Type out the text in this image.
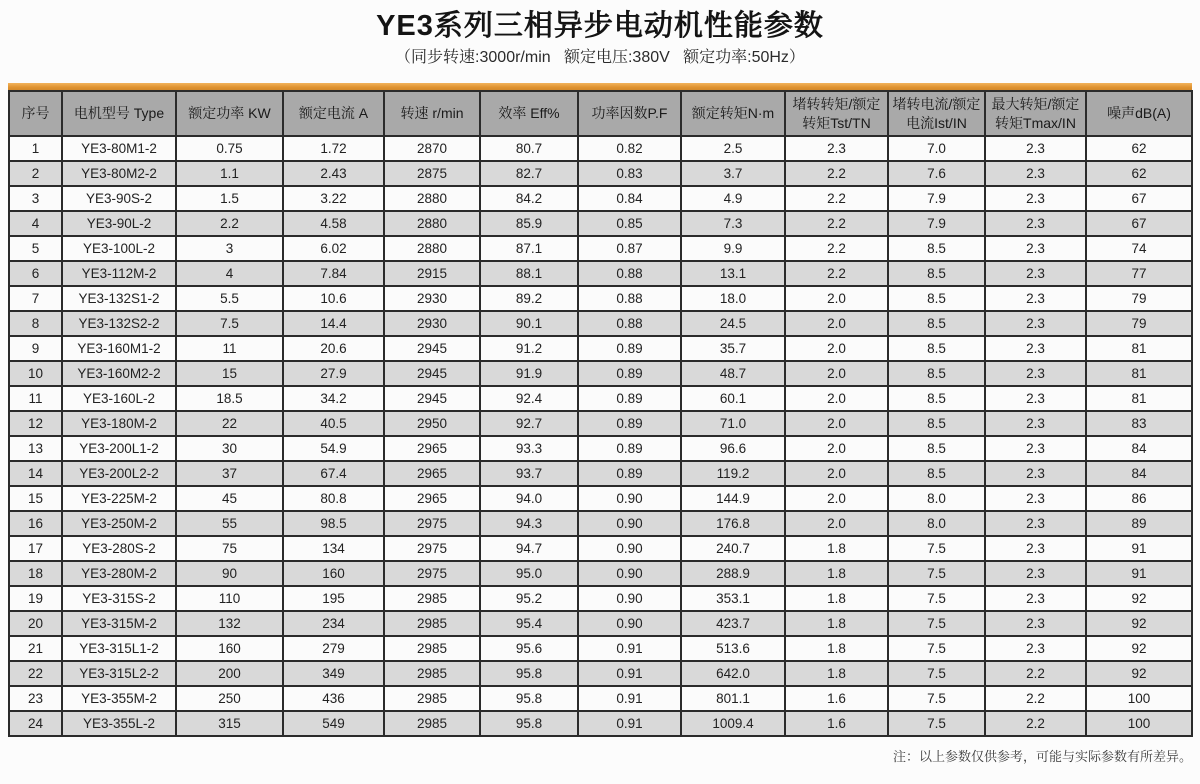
YE3系列三相异步电动机性能参数
（同步转速:3000r/min   额定电压:380V   额定功率:50Hz）
序号	电机型号 Type	额定功率 KW	额定电流 A	转速 r/min	效率 Eff%	功率因数P.F	额定转矩N·m	堵转转矩/额定转矩Tst/TN	堵转电流/额定电流Ist/IN	最大转矩/额定转矩Tmax/IN	噪声dB(A)
1	YE3-80M1-2	0.75	1.72	2870	80.7	0.82	2.5	2.3	7.0	2.3	62
2	YE3-80M2-2	1.1	2.43	2875	82.7	0.83	3.7	2.2	7.6	2.3	62
3	YE3-90S-2	1.5	3.22	2880	84.2	0.84	4.9	2.2	7.9	2.3	67
4	YE3-90L-2	2.2	4.58	2880	85.9	0.85	7.3	2.2	7.9	2.3	67
5	YE3-100L-2	3	6.02	2880	87.1	0.87	9.9	2.2	8.5	2.3	74
6	YE3-112M-2	4	7.84	2915	88.1	0.88	13.1	2.2	8.5	2.3	77
7	YE3-132S1-2	5.5	10.6	2930	89.2	0.88	18.0	2.0	8.5	2.3	79
8	YE3-132S2-2	7.5	14.4	2930	90.1	0.88	24.5	2.0	8.5	2.3	79
9	YE3-160M1-2	11	20.6	2945	91.2	0.89	35.7	2.0	8.5	2.3	81
10	YE3-160M2-2	15	27.9	2945	91.9	0.89	48.7	2.0	8.5	2.3	81
11	YE3-160L-2	18.5	34.2	2945	92.4	0.89	60.1	2.0	8.5	2.3	81
12	YE3-180M-2	22	40.5	2950	92.7	0.89	71.0	2.0	8.5	2.3	83
13	YE3-200L1-2	30	54.9	2965	93.3	0.89	96.6	2.0	8.5	2.3	84
14	YE3-200L2-2	37	67.4	2965	93.7	0.89	119.2	2.0	8.5	2.3	84
15	YE3-225M-2	45	80.8	2965	94.0	0.90	144.9	2.0	8.0	2.3	86
16	YE3-250M-2	55	98.5	2975	94.3	0.90	176.8	2.0	8.0	2.3	89
17	YE3-280S-2	75	134	2975	94.7	0.90	240.7	1.8	7.5	2.3	91
18	YE3-280M-2	90	160	2975	95.0	0.90	288.9	1.8	7.5	2.3	91
19	YE3-315S-2	110	195	2985	95.2	0.90	353.1	1.8	7.5	2.3	92
20	YE3-315M-2	132	234	2985	95.4	0.90	423.7	1.8	7.5	2.3	92
21	YE3-315L1-2	160	279	2985	95.6	0.91	513.6	1.8	7.5	2.3	92
22	YE3-315L2-2	200	349	2985	95.8	0.91	642.0	1.8	7.5	2.2	92
23	YE3-355M-2	250	436	2985	95.8	0.91	801.1	1.6	7.5	2.2	100
24	YE3-355L-2	315	549	2985	95.8	0.91	1009.4	1.6	7.5	2.2	100
注：以上参数仅供参考，可能与实际参数有所差异。
